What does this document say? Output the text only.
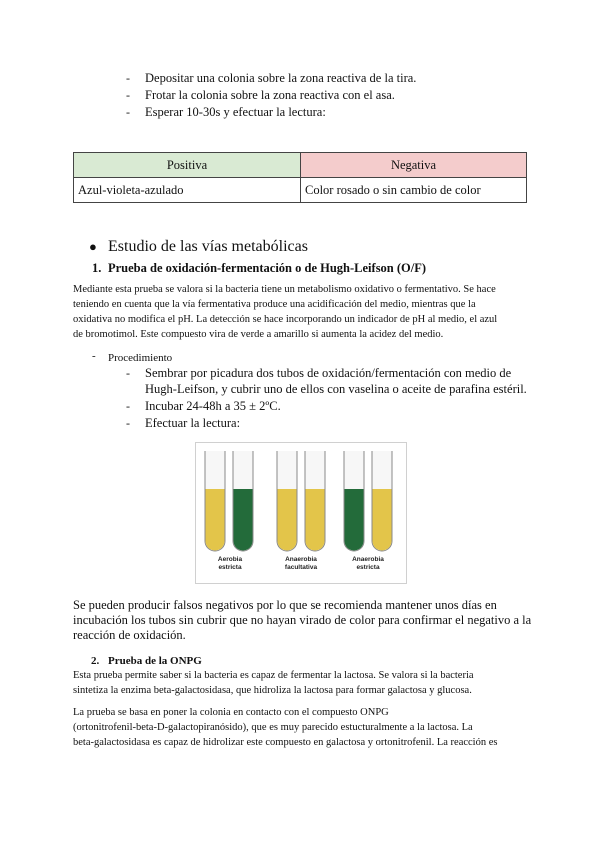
- Depositar una colonia sobre la zona reactiva de la tira.
- Frotar la colonia sobre la zona reactiva con el asa.
- Esperar 10-30s y efectuar la lectura:
Positiva	Negativa
Azul-violeta-azulado	Color rosado o sin cambio de color
● Estudio de las vías metabólicas
1. Prueba de oxidación-fermentación o de Hugh-Leifson (O/F)
Mediante esta prueba se valora si la bacteria tiene un metabolismo oxidativo o fermentativo. Se hace
teniendo en cuenta que la vía fermentativa produce una acidificación del medio, mientras que la
oxidativa no modifica el pH. La detección se hace incorporando un indicador de pH al medio, el azul
de bromotimol. Este compuesto vira de verde a amarillo si aumenta la acidez del medio.
- Procedimiento
- Sembrar por picadura dos tubos de oxidación/fermentación con medio de
Hugh-Leifson, y cubrir uno de ellos con vaselina o aceite de parafina estéril.
- Incubar 24-48h a 35 ± 2ºC.
- Efectuar la lectura:
Aerobia
estricta
Anaerobia
facultativa
Anaerobia
estricta
Se pueden producir falsos negativos por lo que se recomienda mantener unos días en
incubación los tubos sin cubrir que no hayan virado de color para confirmar el negativo a la
reacción de oxidación.
2. Prueba de la ONPG
Esta prueba permite saber si la bacteria es capaz de fermentar la lactosa. Se valora si la bacteria
sintetiza la enzima beta-galactosidasa, que hidroliza la lactosa para formar galactosa y glucosa.
La prueba se basa en poner la colonia en contacto con el compuesto ONPG
(ortonitrofenil-beta-D-galactopiranósido), que es muy parecido estucturalmente a la lactosa. La
beta-galactosidasa es capaz de hidrolizar este compuesto en galactosa y ortonitrofenil. La reacción es
